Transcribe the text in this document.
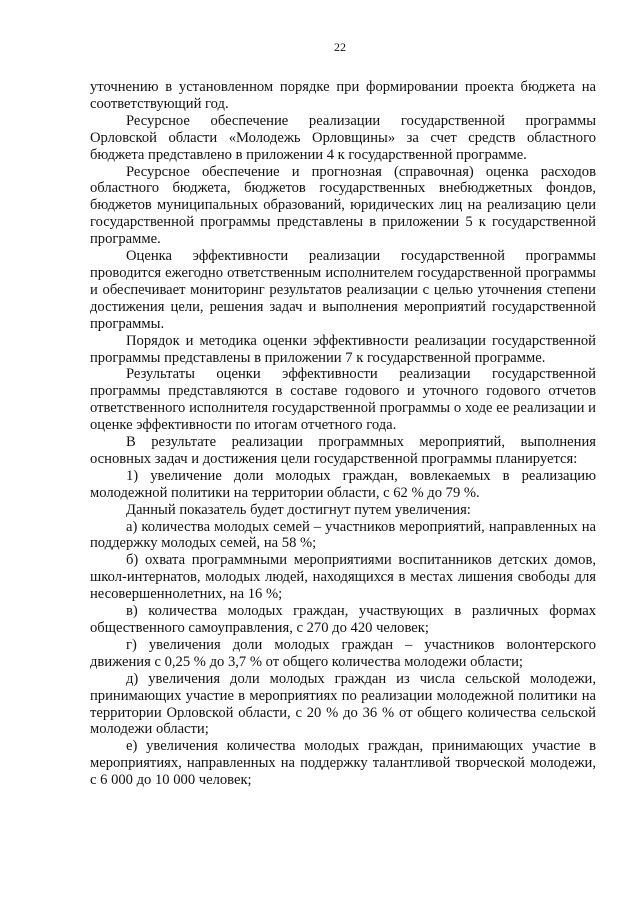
22

уточнению в установленном порядке при формировании проекта бюджета на соответствующий год.

Ресурсное обеспечение реализации государственной программы Орловской области «Молодежь Орловщины» за счет средств областного бюджета представлено в приложении 4 к государственной программе.

Ресурсное обеспечение и прогнозная (справочная) оценка расходов областного бюджета, бюджетов государственных внебюджетных фондов, бюджетов муниципальных образований, юридических лиц на реализацию цели государственной программы представлены в приложении 5 к государственной программе.

Оценка эффективности реализации государственной программы проводится ежегодно ответственным исполнителем государственной программы и обеспечивает мониторинг результатов реализации с целью уточнения степени достижения цели, решения задач и выполнения мероприятий государственной программы.

Порядок и методика оценки эффективности реализации государственной программы представлены в приложении 7 к государственной программе.

Результаты оценки эффективности реализации государственной программы представляются в составе годового и уточного годового отчетов ответственного исполнителя государственной программы о ходе ее реализации и оценке эффективности по итогам отчетного года.

В результате реализации программных мероприятий, выполнения основных задач и достижения цели государственной программы планируется:

1) увеличение доли молодых граждан, вовлекаемых в реализацию молодежной политики на территории области, с 62 % до 79 %.

Данный показатель будет достигнут путем увеличения:

а) количества молодых семей – участников мероприятий, направленных на поддержку молодых семей, на 58 %;

б) охвата программными мероприятиями воспитанников детских домов, школ-интернатов, молодых людей, находящихся в местах лишения свободы для несовершеннолетних, на 16 %;

в) количества молодых граждан, участвующих в различных формах общественного самоуправления, с 270 до 420 человек;

г) увеличения доли молодых граждан – участников волонтерского движения с 0,25 % до 3,7 % от общего количества молодежи области;

д) увеличения доли молодых граждан из числа сельской молодежи, принимающих участие в мероприятиях по реализации молодежной политики на территории Орловской области, с 20 % до 36 % от общего количества сельской молодежи области;

е) увеличения количества молодых граждан, принимающих участие в мероприятиях, направленных на поддержку талантливой творческой молодежи, с 6 000 до 10 000 человек;
